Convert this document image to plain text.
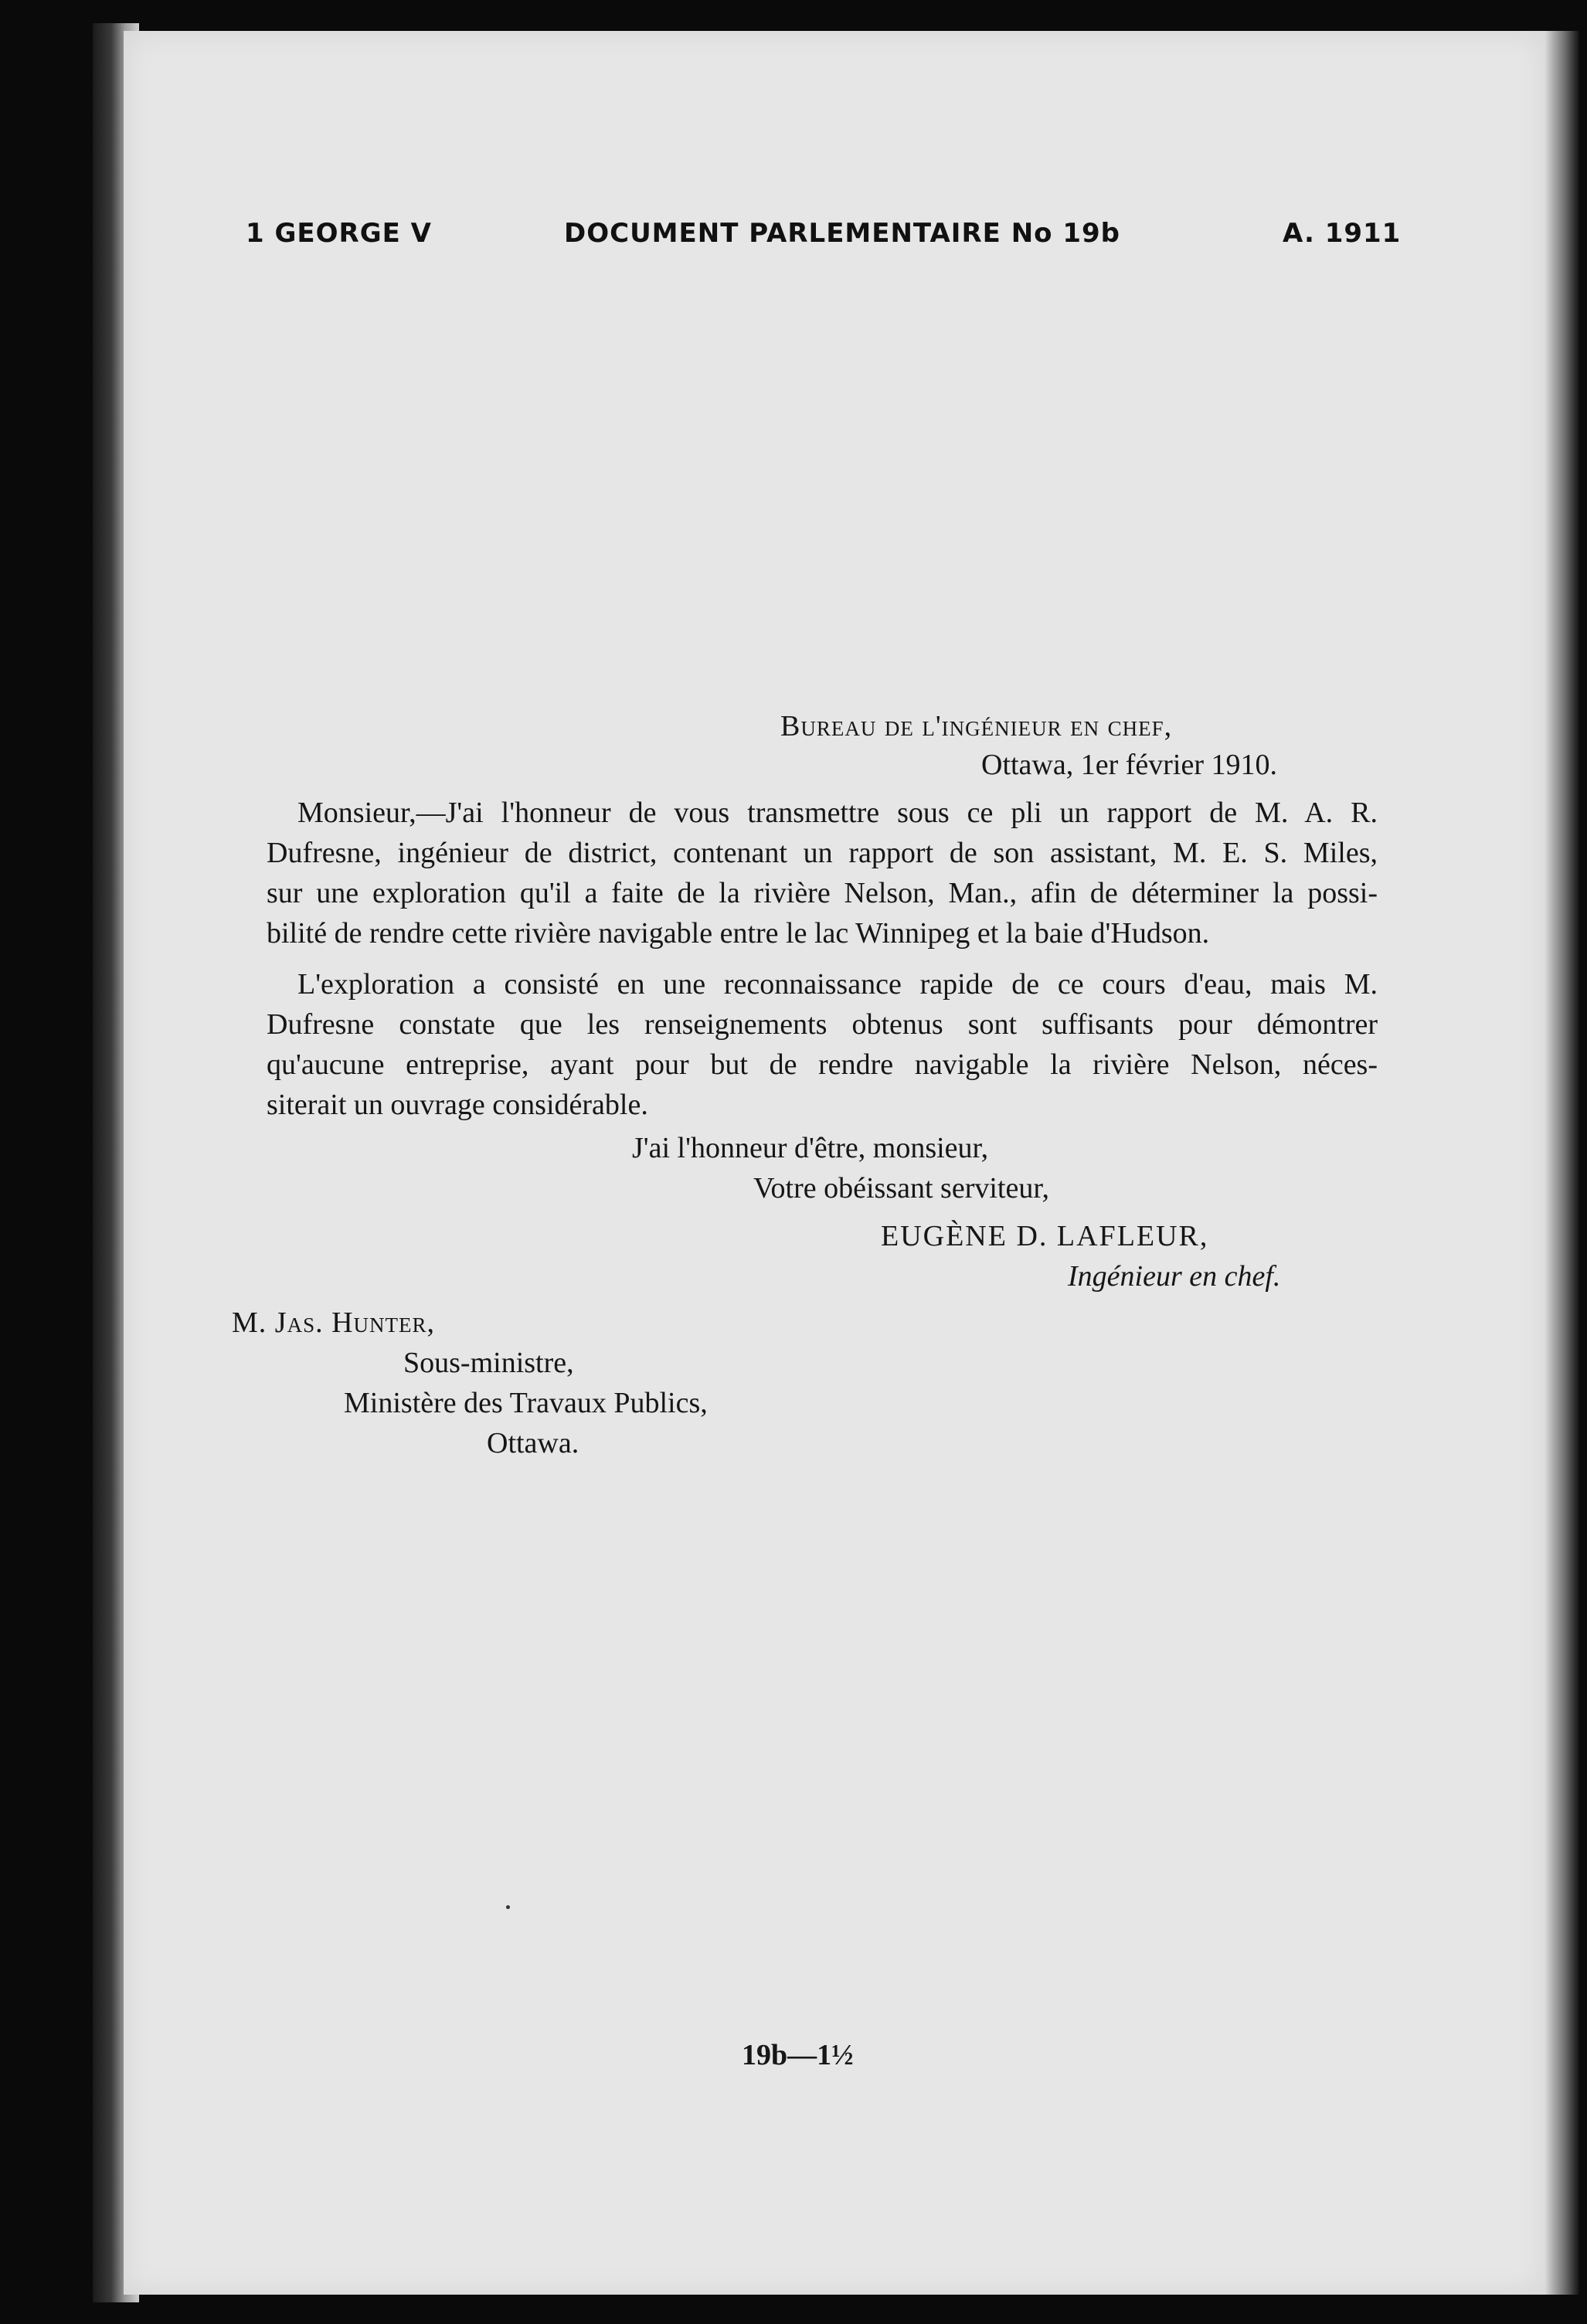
1 GEORGE V	DOCUMENT PARLEMENTAIRE No 19b	A. 1911
Bureau de l'ingénieur en chef,
Ottawa, 1er février 1910.
Monsieur,—J'ai l'honneur de vous transmettre sous ce pli un rapport de M. A. R.
Dufresne, ingénieur de district, contenant un rapport de son assistant, M. E. S. Miles,
sur une exploration qu'il a faite de la rivière Nelson, Man., afin de déterminer la possi-
bilité de rendre cette rivière navigable entre le lac Winnipeg et la baie d'Hudson.
L'exploration a consisté en une reconnaissance rapide de ce cours d'eau, mais M.
Dufresne constate que les renseignements obtenus sont suffisants pour démontrer
qu'aucune entreprise, ayant pour but de rendre navigable la rivière Nelson, néces-
siterait un ouvrage considérable.
J'ai l'honneur d'être, monsieur,
Votre obéissant serviteur,
EUGÈNE D. LAFLEUR,
Ingénieur en chef.
M. Jas. Hunter,
Sous-ministre,
Ministère des Travaux Publics,
Ottawa.
19b—1½
